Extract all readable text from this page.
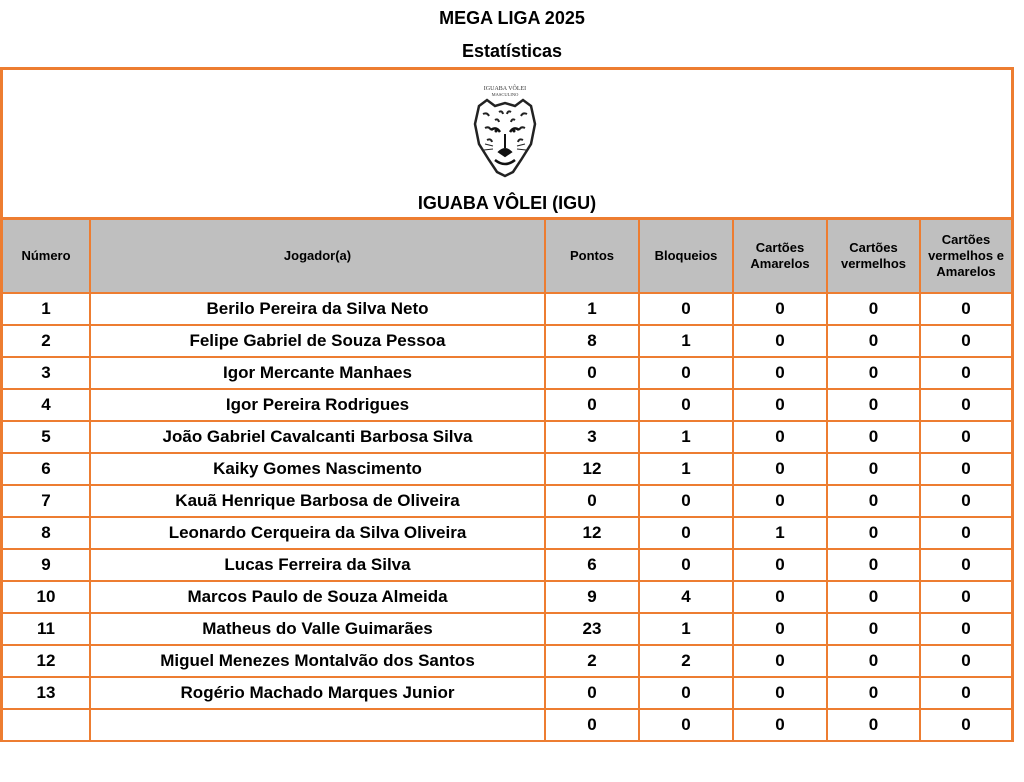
MEGA LIGA 2025
Estatísticas
IGUABA VÔLEI
MASCULINO
IGUABA VÔLEI (IGU)
Número	Jogador(a)	Pontos	Bloqueios	Cartões Amarelos	Cartões vermelhos	Cartões vermelhos e Amarelos
1	Berilo Pereira da Silva Neto	1	0	0	0	0
2	Felipe Gabriel de Souza Pessoa	8	1	0	0	0
3	Igor Mercante Manhaes	0	0	0	0	0
4	Igor Pereira Rodrigues	0	0	0	0	0
5	João Gabriel Cavalcanti Barbosa Silva	3	1	0	0	0
6	Kaiky Gomes Nascimento	12	1	0	0	0
7	Kauã Henrique Barbosa de Oliveira	0	0	0	0	0
8	Leonardo Cerqueira da Silva Oliveira	12	0	1	0	0
9	Lucas Ferreira da Silva	6	0	0	0	0
10	Marcos Paulo de Souza Almeida	9	4	0	0	0
11	Matheus do Valle Guimarães	23	1	0	0	0
12	Miguel Menezes Montalvão dos Santos	2	2	0	0	0
13	Rogério Machado Marques Junior	0	0	0	0	0
		0	0	0	0	0
